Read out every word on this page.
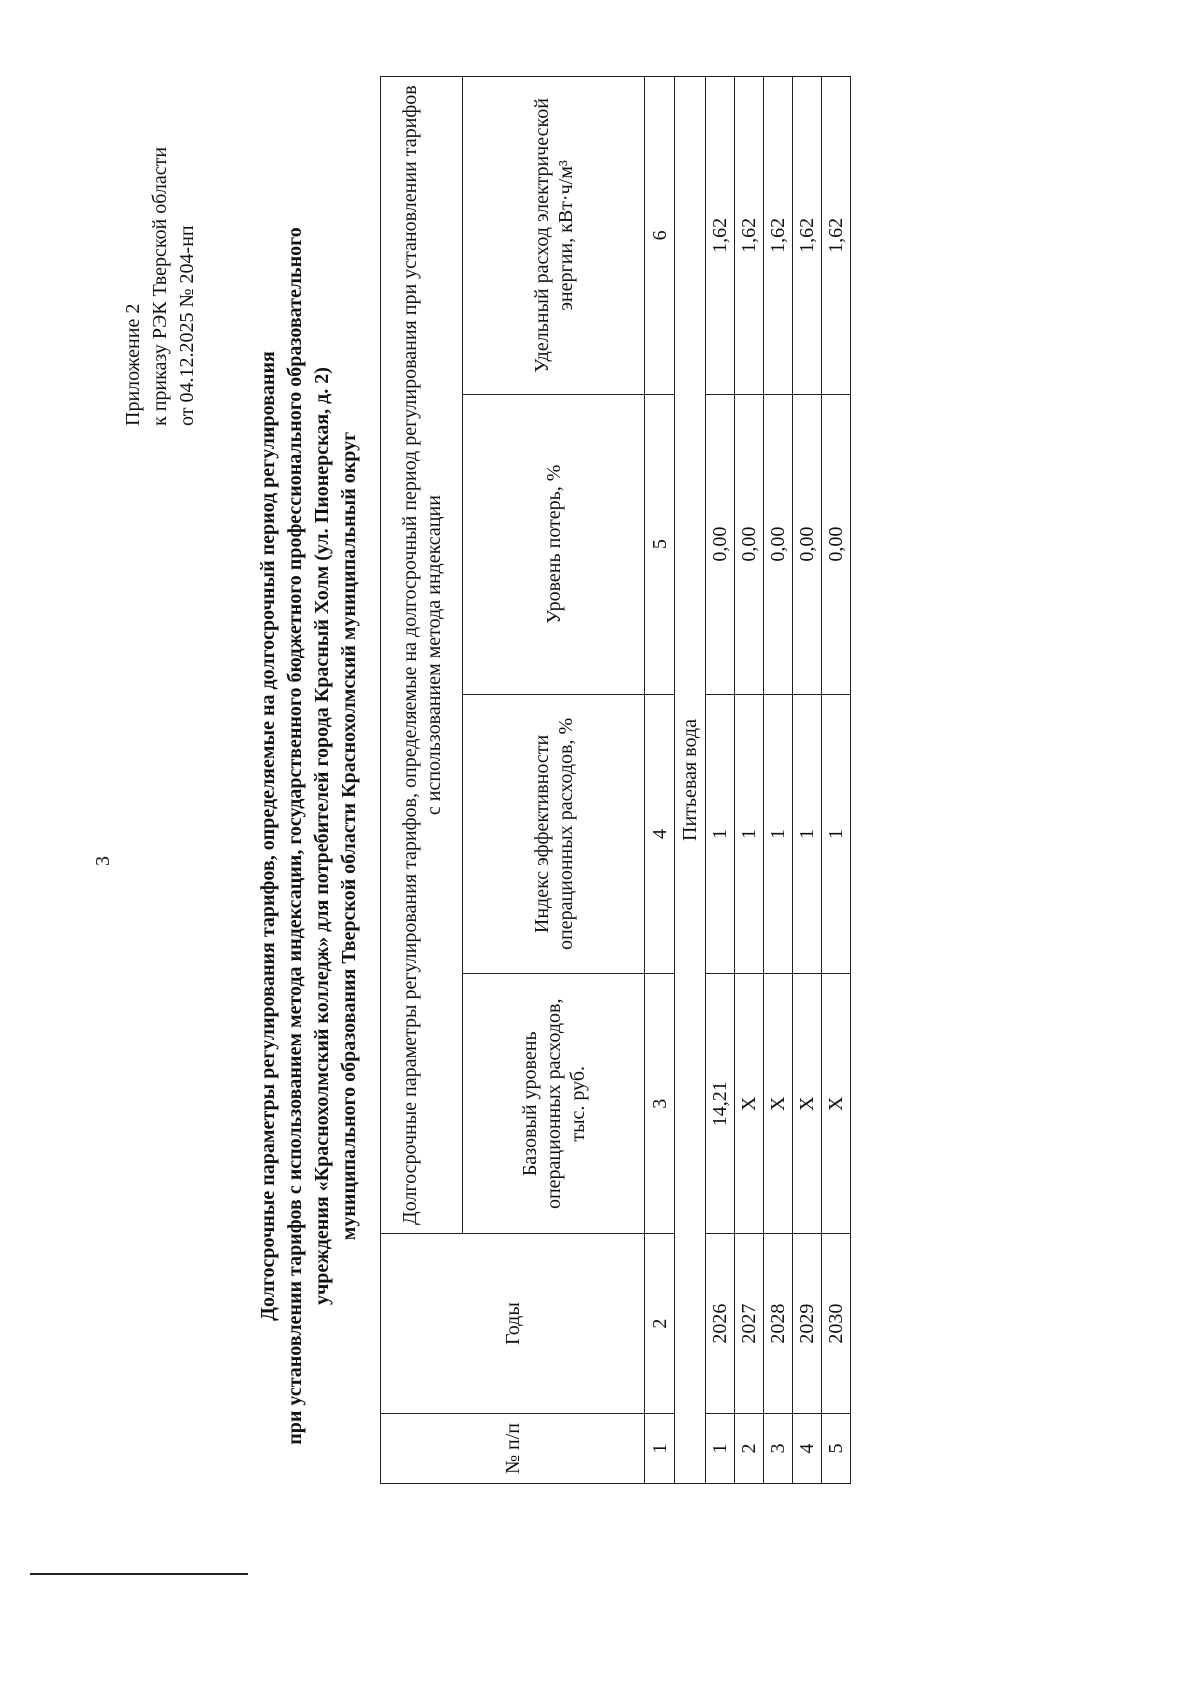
3
Приложение 2 к приказу РЭК Тверской области от 04.12.2025 № 204-нп
Долгосрочные параметры регулирования тарифов, определяемые на долгосрочный период регулирования при установлении тарифов с использованием метода индексации, государственного бюджетного профессионального образовательного учреждения «Краснохолмский колледж» для потребителей города Красный Холм (ул. Пионерская, д. 2) муниципального образования Тверской области Краснохолмский муниципальный округ
№ п/п	Годы	Долгосрочные параметры регулирования тарифов, определяемые на долгосрочный период регулирования при установлении тарифов с использованием метода индексации			
		Базовый уровень операционных расходов, тыс. руб.	Индекс эффективности операционных расходов, %	Уровень потерь, %	Удельный расход электрической энергии, кВт·ч/м³
1	2	3	4	5	6
Питьевая вода					
1	2026	14,21	1	0,00	1,62
2	2027	Х	1	0,00	1,62
3	2028	Х	1	0,00	1,62
4	2029	Х	1	0,00	1,62
5	2030	Х	1	0,00	1,62
